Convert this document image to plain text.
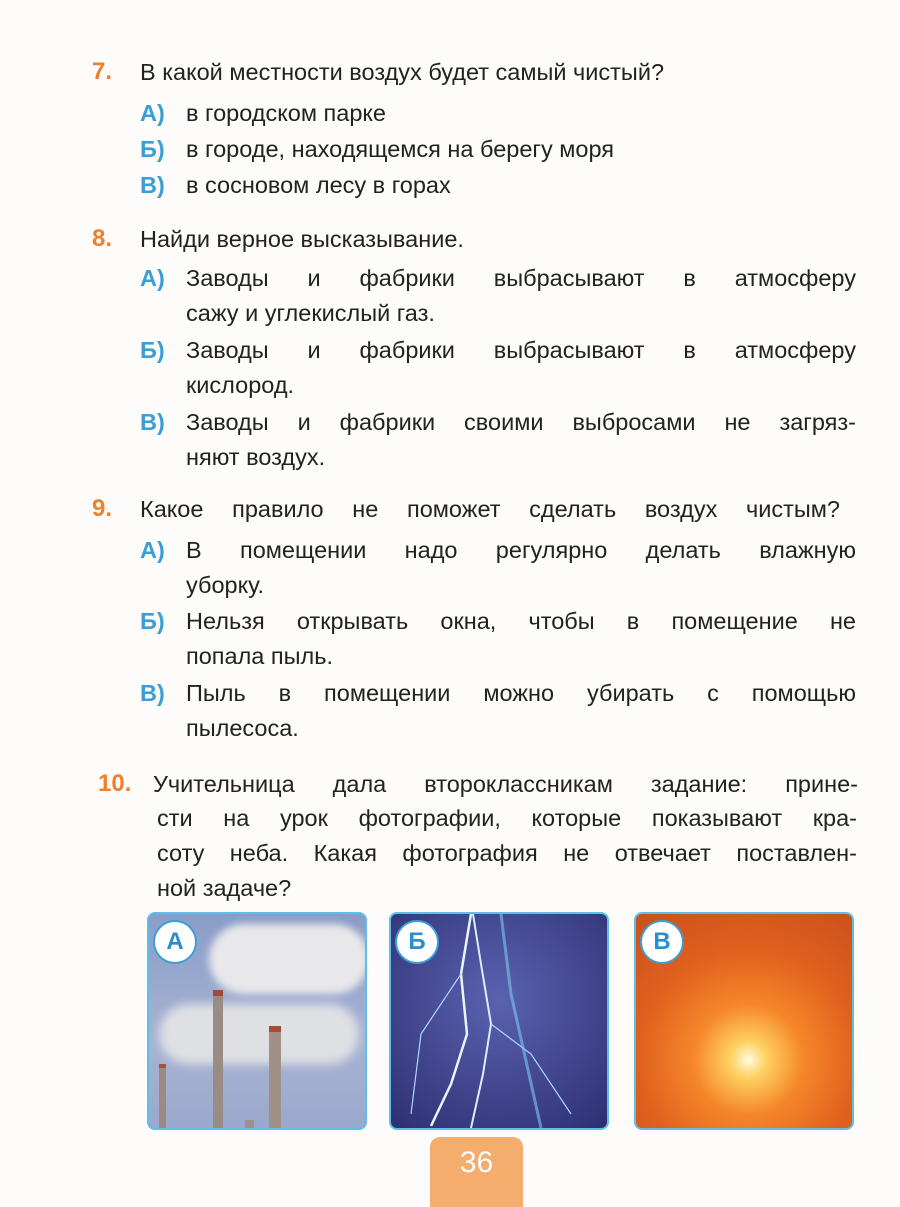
7. В какой местности воздух будет самый чистый?
А) в городском парке
Б) в городе, находящемся на берегу моря
В) в сосновом лесу в горах
8. Найди верное высказывание.
А) Заводы и фабрики выбрасывают в атмосферу
сажу и углекислый газ.
Б) Заводы и фабрики выбрасывают в атмосферу
кислород.
В) Заводы и фабрики своими выбросами не загряз-
няют воздух.
9. Какое правило не поможет сделать воздух чистым?
А) В помещении надо регулярно делать влажную
уборку.
Б) Нельзя открывать окна, чтобы в помещение не
попала пыль.
В) Пыль в помещении можно убирать с помощью
пылесоса.
10. Учительница дала второклассникам задание: прине-
сти на урок фотографии, которые показывают кра-
соту неба. Какая фотография не отвечает поставлен-
ной задаче?
А	Б	В
36
